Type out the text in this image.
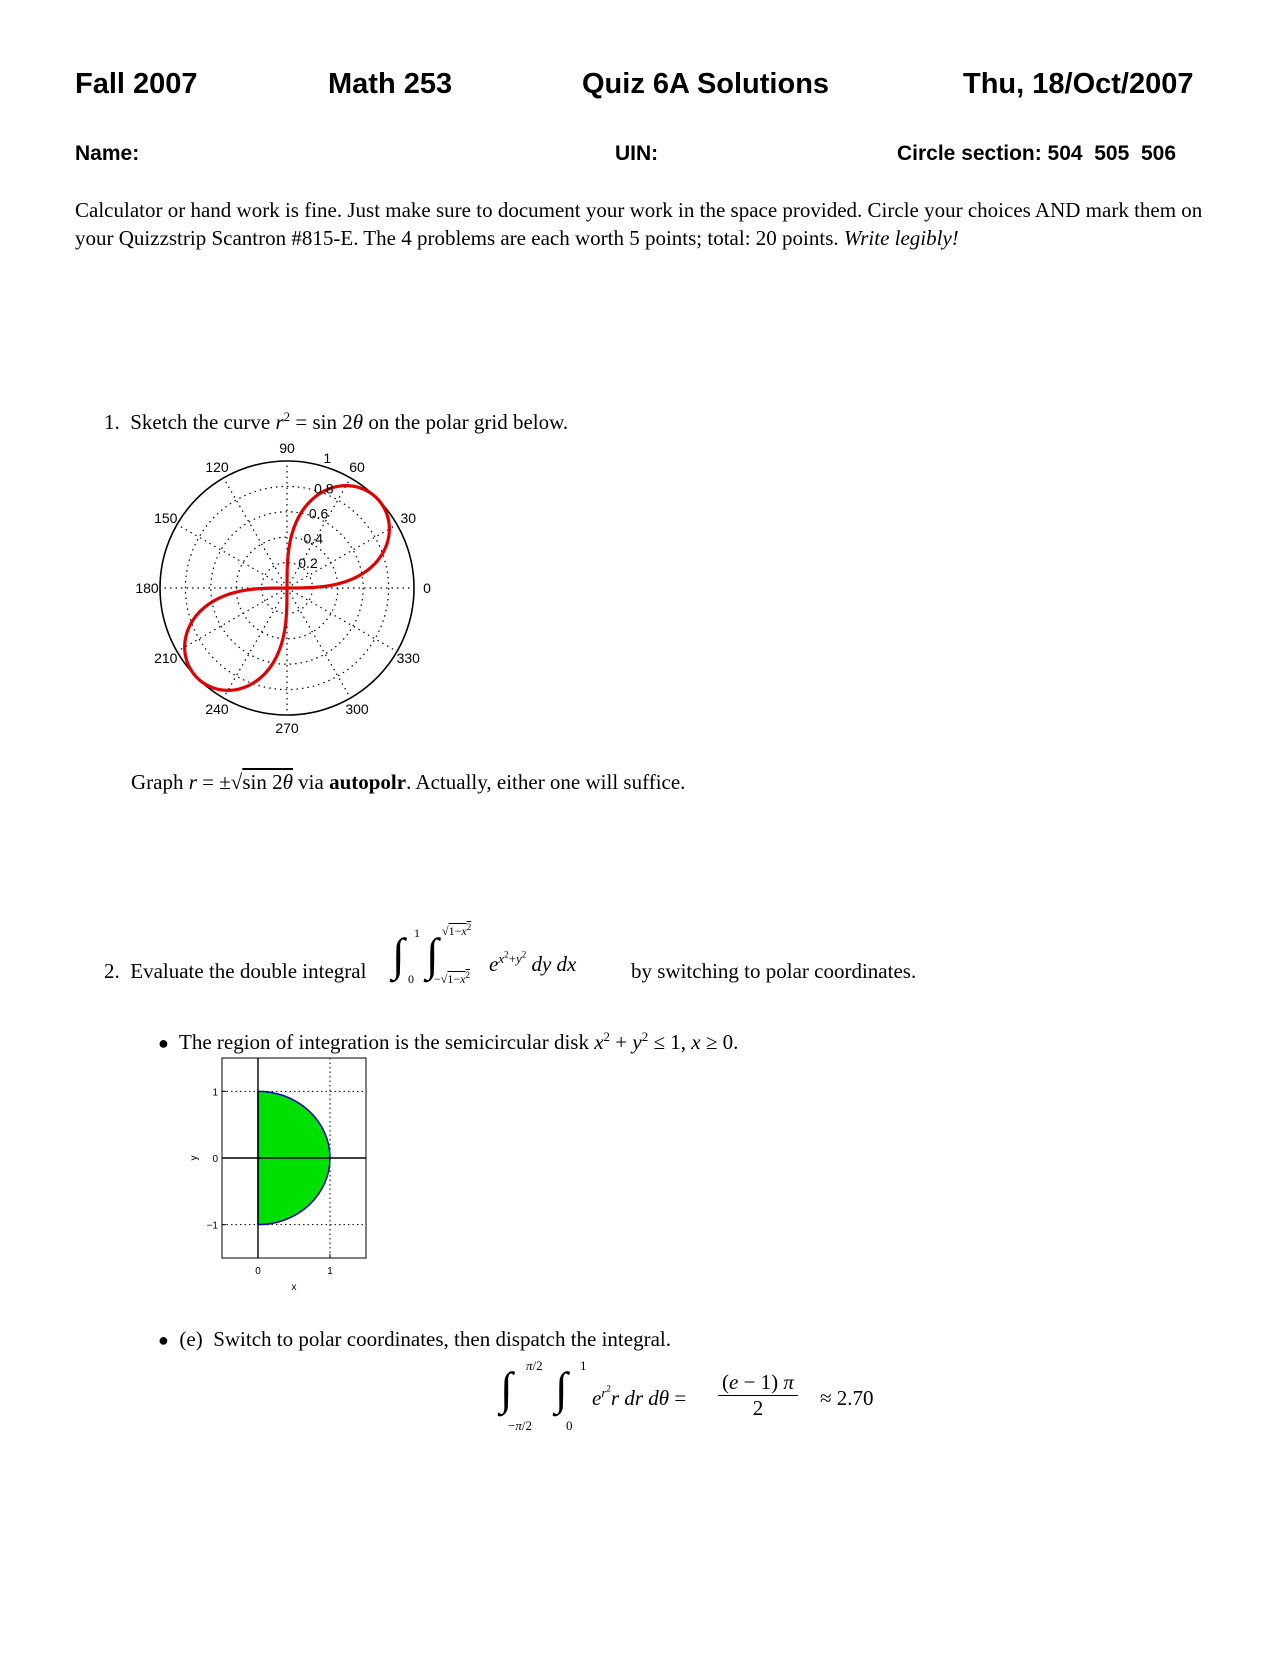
Fall 2007	Math 253	Quiz 6A Solutions	Thu, 18/Oct/2007
Name:	UIN:	Circle section: 504  505  506
Calculator or hand work is fine. Just make sure to document your work in the space provided. Circle your choices AND mark them on your Quizzstrip Scantron #815-E. The 4 problems are each worth 5 points; total: 20 points. Write legibly!
1. Sketch the curve $r^2 = \sin 2\theta$ on the polar grid below.
0
30
60
90
120
150
180
210
240
270
300
330
0.2
0.4
0.6
0.8
1
Graph r = ±√sin 2θ via autopolr. Actually, either one will suffice.
2. Evaluate the double integral ∫ 1
0 ∫ $√1-x^2$
$-√1-x^2$ $e^{x^2+y^2}$ dy dx	by switching to polar coordinates.
● The region of integration is the semicircular disk $x^2 + y^2 \le 1$, x ≥ 0.
0	1
1
0
−1
x
y
● (e) Switch to polar coordinates, then dispatch the integral.
∫ π/2
−π/2
∫ 1
0
$e^{r^2}r$ dr $d\theta = \frac{(e - 1) \pi}{2} \approx 2.70$
